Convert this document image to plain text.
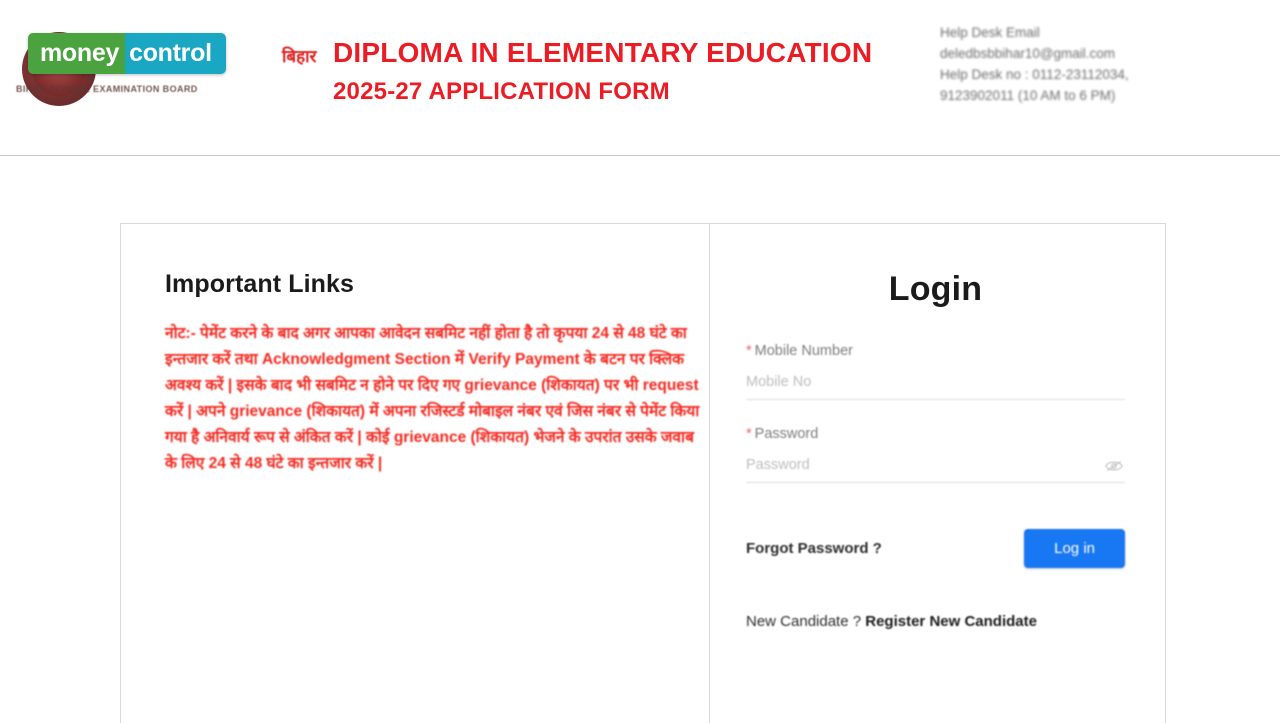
BIHAR SCHOOL EXAMINATION BOARD
money control	बिहार DIPLOMA IN ELEMENTARY EDUCATION
2025-27 APPLICATION FORM
Help Desk Email
deledbsbbihar10@gmail.com
Help Desk no : 0112-23112034,
9123902011 (10 AM to 6 PM)
Important Links

नोट:- पेमेंट करने के बाद अगर आपका आवेदन सबमिट नहीं होता है तो कृपया 24 से 48 घंटे का इन्तजार करें तथा Acknowledgment Section में Verify Payment के बटन पर क्लिक अवश्य करें | इसके बाद भी सबमिट न होने पर दिए गए grievance (शिकायत) पर भी request करें | अपने grievance (शिकायत) में अपना रजिस्टर्ड मोबाइल नंबर एवं जिस नंबर से पेमेंट किया गया है अनिवार्य रूप से अंकित करें | कोई grievance (शिकायत) भेजने के उपरांत उसके जवाब के लिए 24 से 48 घंटे का इन्तजार करें |

Login
* Mobile Number
Mobile No
* Password
Forgot Password ?	Log in
New Candidate ? Register New Candidate
